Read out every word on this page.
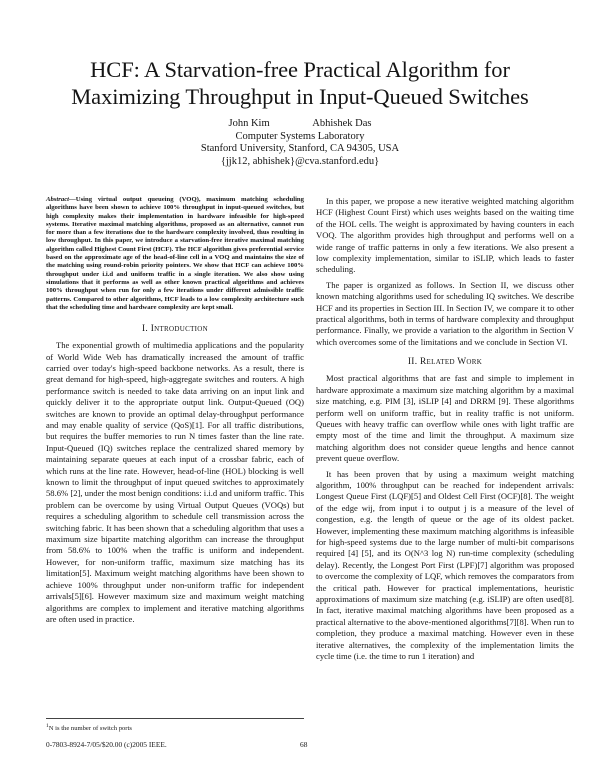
HCF: A Starvation-free Practical Algorithm for Maximizing Throughput in Input-Queued Switches
John Kim	Abhishek Das
Computer Systems Laboratory
Stanford University, Stanford, CA 94305, USA
{jjk12, abhishek}@cva.stanford.edu}
Abstract—Using virtual output queueing (VOQ), maximum matching scheduling algorithms have been shown to achieve 100% throughput in input-queued switches, but high complexity makes their implementation in hardware infeasible for high-speed systems. Iterative maximal matching algorithms, proposed as an alternative, cannot run for more than a few iterations due to the hardware complexity involved, thus resulting in low throughput. In this paper, we introduce a starvation-free iterative maximal matching algorithm called Highest Count First (HCF). The HCF algorithm gives preferential service based on the approximate age of the head-of-line cell in a VOQ and maintains the size of the matching using round-robin priority pointers. We show that HCF can achieve 100% throughput under i.i.d and uniform traffic in a single iteration. We also show using simulations that it performs as well as other known practical algorithms and achieves 100% throughput when run for only a few iterations under different admissible traffic patterns. Compared to other algorithms, HCF leads to a low complexity architecture such that the scheduling time and hardware complexity are kept small.
I. Introduction

The exponential growth of multimedia applications and the popularity of World Wide Web has dramatically increased the amount of traffic carried over today's high-speed backbone networks. As a result, there is great demand for high-speed, high-aggregate switches and routers. A high performance switch is needed to take data arriving on an input link and quickly deliver it to the appropriate output link. Output-Queued (OQ) switches are known to provide an optimal delay-throughput performance and may enable quality of service (QoS)[1]. For all traffic distributions, but requires the buffer memories to run N times faster than the line rate. Input-Queued (IQ) switches replace the centralized shared memory by maintaining separate queues at each input of a crossbar fabric, each of which runs at the line rate. However, head-of-line (HOL) blocking is well known to limit the throughput of input queued switches to approximately 58.6% [2], under the most benign conditions: i.i.d and uniform traffic. This problem can be overcome by using Virtual Output Queues (VOQs) but requires a scheduling algorithm to schedule cell transmission across the switching fabric. It has been shown that a scheduling algorithm that uses a maximum size bipartite matching algorithm can increase the throughput from 58.6% to 100% when the traffic is uniform and independent. However, for non-uniform traffic, maximum size matching has its limitation[5]. Maximum weight matching algorithms have been shown to achieve 100% throughput under non-uniform traffic for independent arrivals[5][6]. However maximum size and maximum weight matching algorithms are complex to implement and iterative matching algorithms are often used in practice.

In this paper, we propose a new iterative weighted matching algorithm HCF (Highest Count First) which uses weights based on the waiting time of the HOL cells. The weight is approximated by having counters in each VOQ. The algorithm provides high throughput and performs well on a wide range of traffic patterns in only a few iterations. We also present a low complexity implementation, similar to iSLIP, which leads to faster scheduling.

The paper is organized as follows. In Section II, we discuss other known matching algorithms used for scheduling IQ switches. We describe HCF and its properties in Section III. In Section IV, we compare it to other practical algorithms, both in terms of hardware complexity and throughput performance. Finally, we provide a variation to the algorithm in Section V which overcomes some of the limitations and we conclude in Section VI.

II. Related Work

Most practical algorithms that are fast and simple to implement in hardware approximate a maximum size matching algorithm by a maximal size matching, e.g. PIM [3], iSLIP [4] and DRRM [9]. These algorithms perform well on uniform traffic, but in reality traffic is not uniform. Queues with heavy traffic can overflow while ones with light traffic are empty most of the time and limit the throughput. A maximum size matching algorithm does not consider queue lengths and hence cannot prevent queue overflow.

It has been proven that by using a maximum weight matching algorithm, 100% throughput can be reached for independent arrivals: Longest Queue First (LQF)[5] and Oldest Cell First (OCF)[8]. The weight of the edge wij, from input i to output j is a measure of the level of congestion, e.g. the length of queue or the age of its oldest packet. However, implementing these maximum matching algorithms is infeasible for high-speed systems due to the large number of multi-bit comparisons required [4] [5], and its O(N^3 log N) run-time complexity (scheduling delay). Recently, the Longest Port First (LPF)[7] algorithm was proposed to overcome the complexity of LQF, which removes the comparators from the critical path. However for practical implementations, heuristic approximations of maximum size matching (e.g. iSLIP) are often used[8]. In fact, iterative maximal matching algorithms have been proposed as a practical alternative to the above-mentioned algorithms[7][8]. When run to completion, they produce a maximal matching. However even in these iterative alternatives, the complexity of the implementation limits the cycle time (i.e. the time to run 1 iteration) and

$^1$N is the number of switch ports
0-7803-8924-7/05/$20.00 (c)2005 IEEE.	68
